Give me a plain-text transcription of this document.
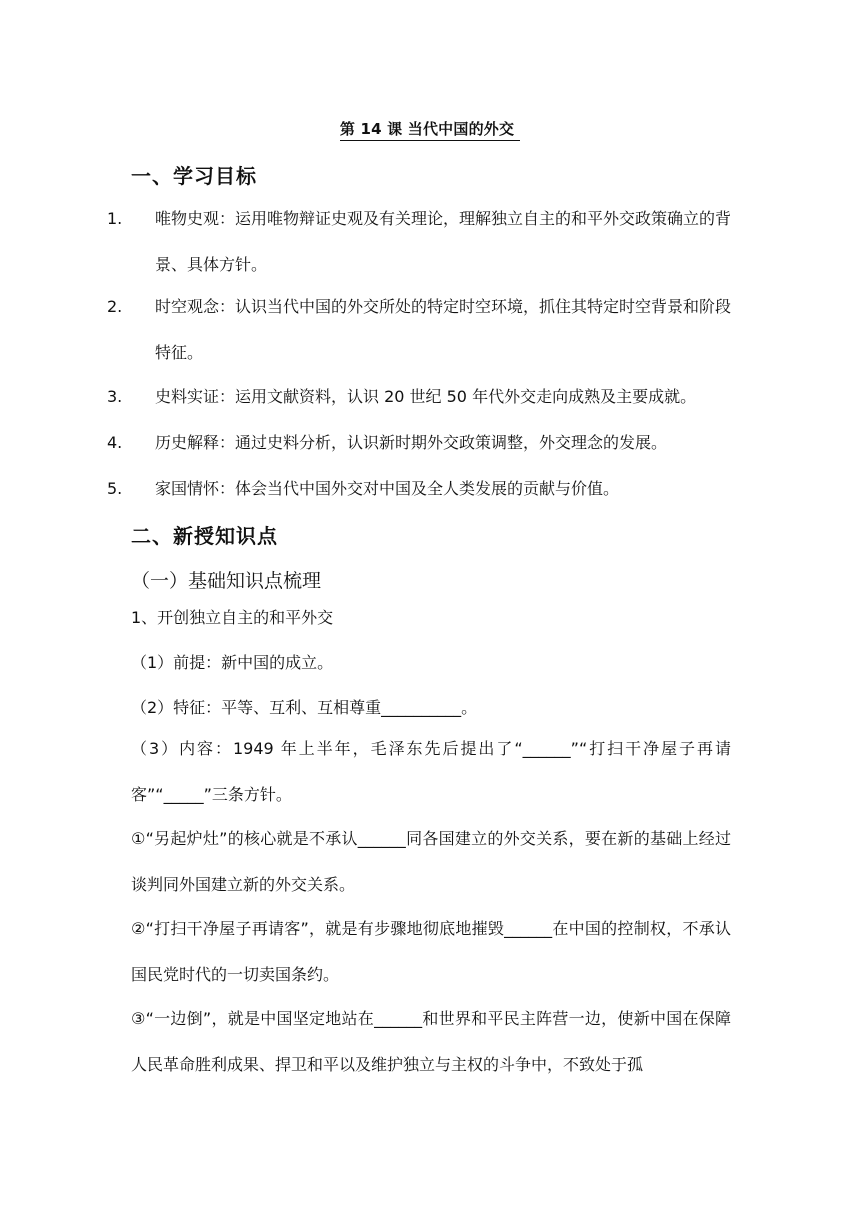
第 14 课 当代中国的外交
一、学习目标
1. 唯物史观：运用唯物辩证史观及有关理论，理解独立自主的和平外交政策确立的背景、具体方针。
2. 时空观念：认识当代中国的外交所处的特定时空环境，抓住其特定时空背景和阶段特征。
3. 史料实证：运用文献资料，认识 20 世纪 50 年代外交走向成熟及主要成就。
4. 历史解释：通过史料分析，认识新时期外交政策调整，外交理念的发展。
5. 家国情怀：体会当代中国外交对中国及全人类发展的贡献与价值。
二、新授知识点
（一）基础知识点梳理
1、开创独立自主的和平外交
（1）前提：新中国的成立。
（2）特征：平等、互利、互相尊重__________。
（3）内容：1949 年上半年，毛泽东先后提出了“______”“打扫干净屋子再请客”“_____”三条方针。
①“另起炉灶”的核心就是不承认______同各国建立的外交关系，要在新的基础上经过谈判同外国建立新的外交关系。
②“打扫干净屋子再请客”，就是有步骤地彻底地摧毁______在中国的控制权，不承认国民党时代的一切卖国条约。
③“一边倒”，就是中国坚定地站在______和世界和平民主阵营一边，使新中国在保障人民革命胜利成果、捍卫和平以及维护独立与主权的斗争中，不致处于孤
